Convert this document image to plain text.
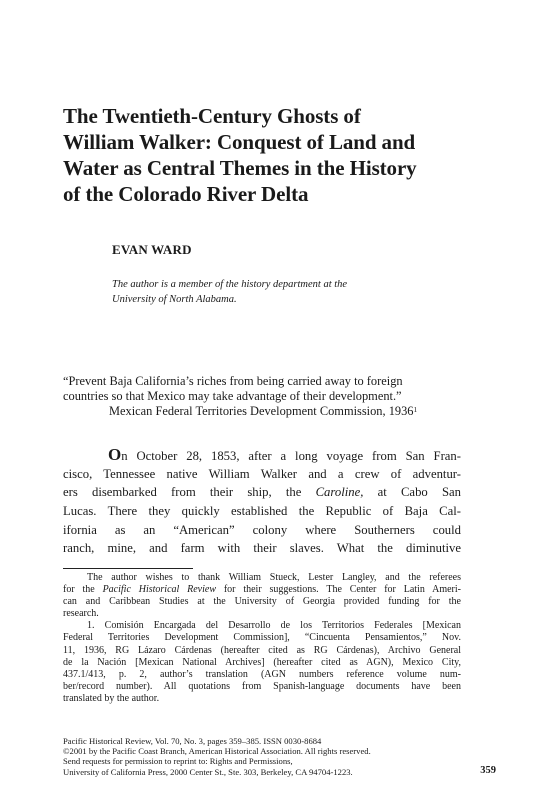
The Twentieth-Century Ghosts of
William Walker: Conquest of Land and
Water as Central Themes in the History
of the Colorado River Delta
EVAN WARD
The author is a member of the history department at the
University of North Alabama.
“Prevent Baja California’s riches from being carried away to foreign
countries so that Mexico may take advantage of their development.”
Mexican Federal Territories Development Commission, 1936$^1$
On October 28, 1853, after a long voyage from San Fran-
cisco, Tennessee native William Walker and a crew of adventur-
ers disembarked from their ship, the Caroline, at Cabo San
Lucas. There they quickly established the Republic of Baja Cal-
ifornia as an “American” colony where Southerners could
ranch, mine, and farm with their slaves. What the diminutive
The author wishes to thank William Stueck, Lester Langley, and the referees
for the Pacific Historical Review for their suggestions. The Center for Latin Ameri-
can and Caribbean Studies at the University of Georgia provided funding for the
research.
1. Comisión Encargada del Desarrollo de los Territorios Federales [Mexican
Federal Territories Development Commission], “Cincuenta Pensamientos,” Nov.
11, 1936, RG Lázaro Cárdenas (hereafter cited as RG Cárdenas), Archivo General
de la Nación [Mexican National Archives] (hereafter cited as AGN), Mexico City,
437.1/413, p. 2, author’s translation (AGN numbers reference volume num-
ber/record number). All quotations from Spanish-language documents have been
translated by the author.
Pacific Historical Review, Vol. 70, No. 3, pages 359–385. ISSN 0030-8684
©2001 by the Pacific Coast Branch, American Historical Association. All rights reserved.
Send requests for permission to reprint to: Rights and Permissions,
University of California Press, 2000 Center St., Ste. 303, Berkeley, CA 94704-1223.	359
